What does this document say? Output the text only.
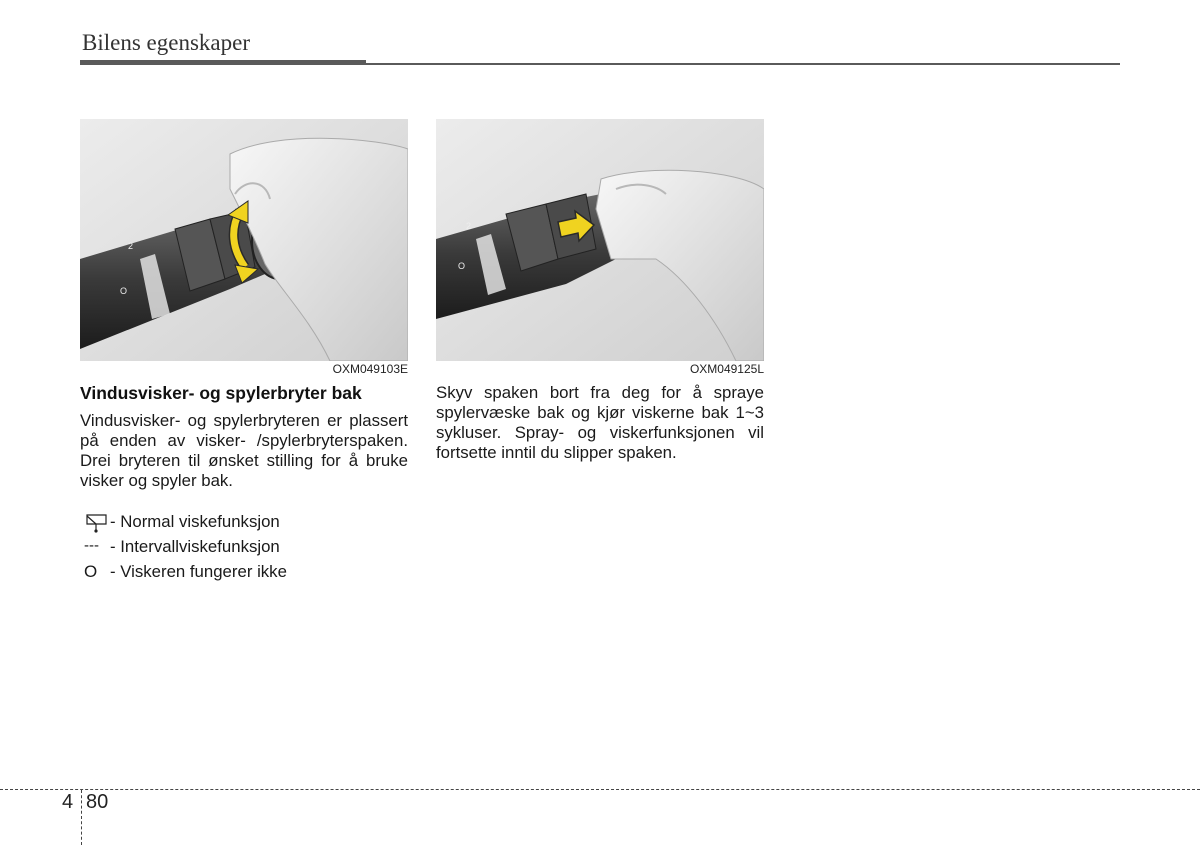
Bilens egenskaper
O
2
OXM049103E
O
2
OXM049125L
Vindusvisker- og spylerbryter bak

Vindusvisker- og spylerbryteren er plassert på enden av visker- /spylerbryterspaken. Drei bryteren til ønsket stilling for å bruke visker og spyler bak.

- Normal viskefunksjon
--- - Intervallviskefunksjon
O - Viskeren fungerer ikke

Skyv spaken bort fra deg for å spraye spylervæske bak og kjør viskerne bak 1~3 sykluser. Spray- og viskerfunksjonen vil fortsette inntil du slipper spaken.

4 80
